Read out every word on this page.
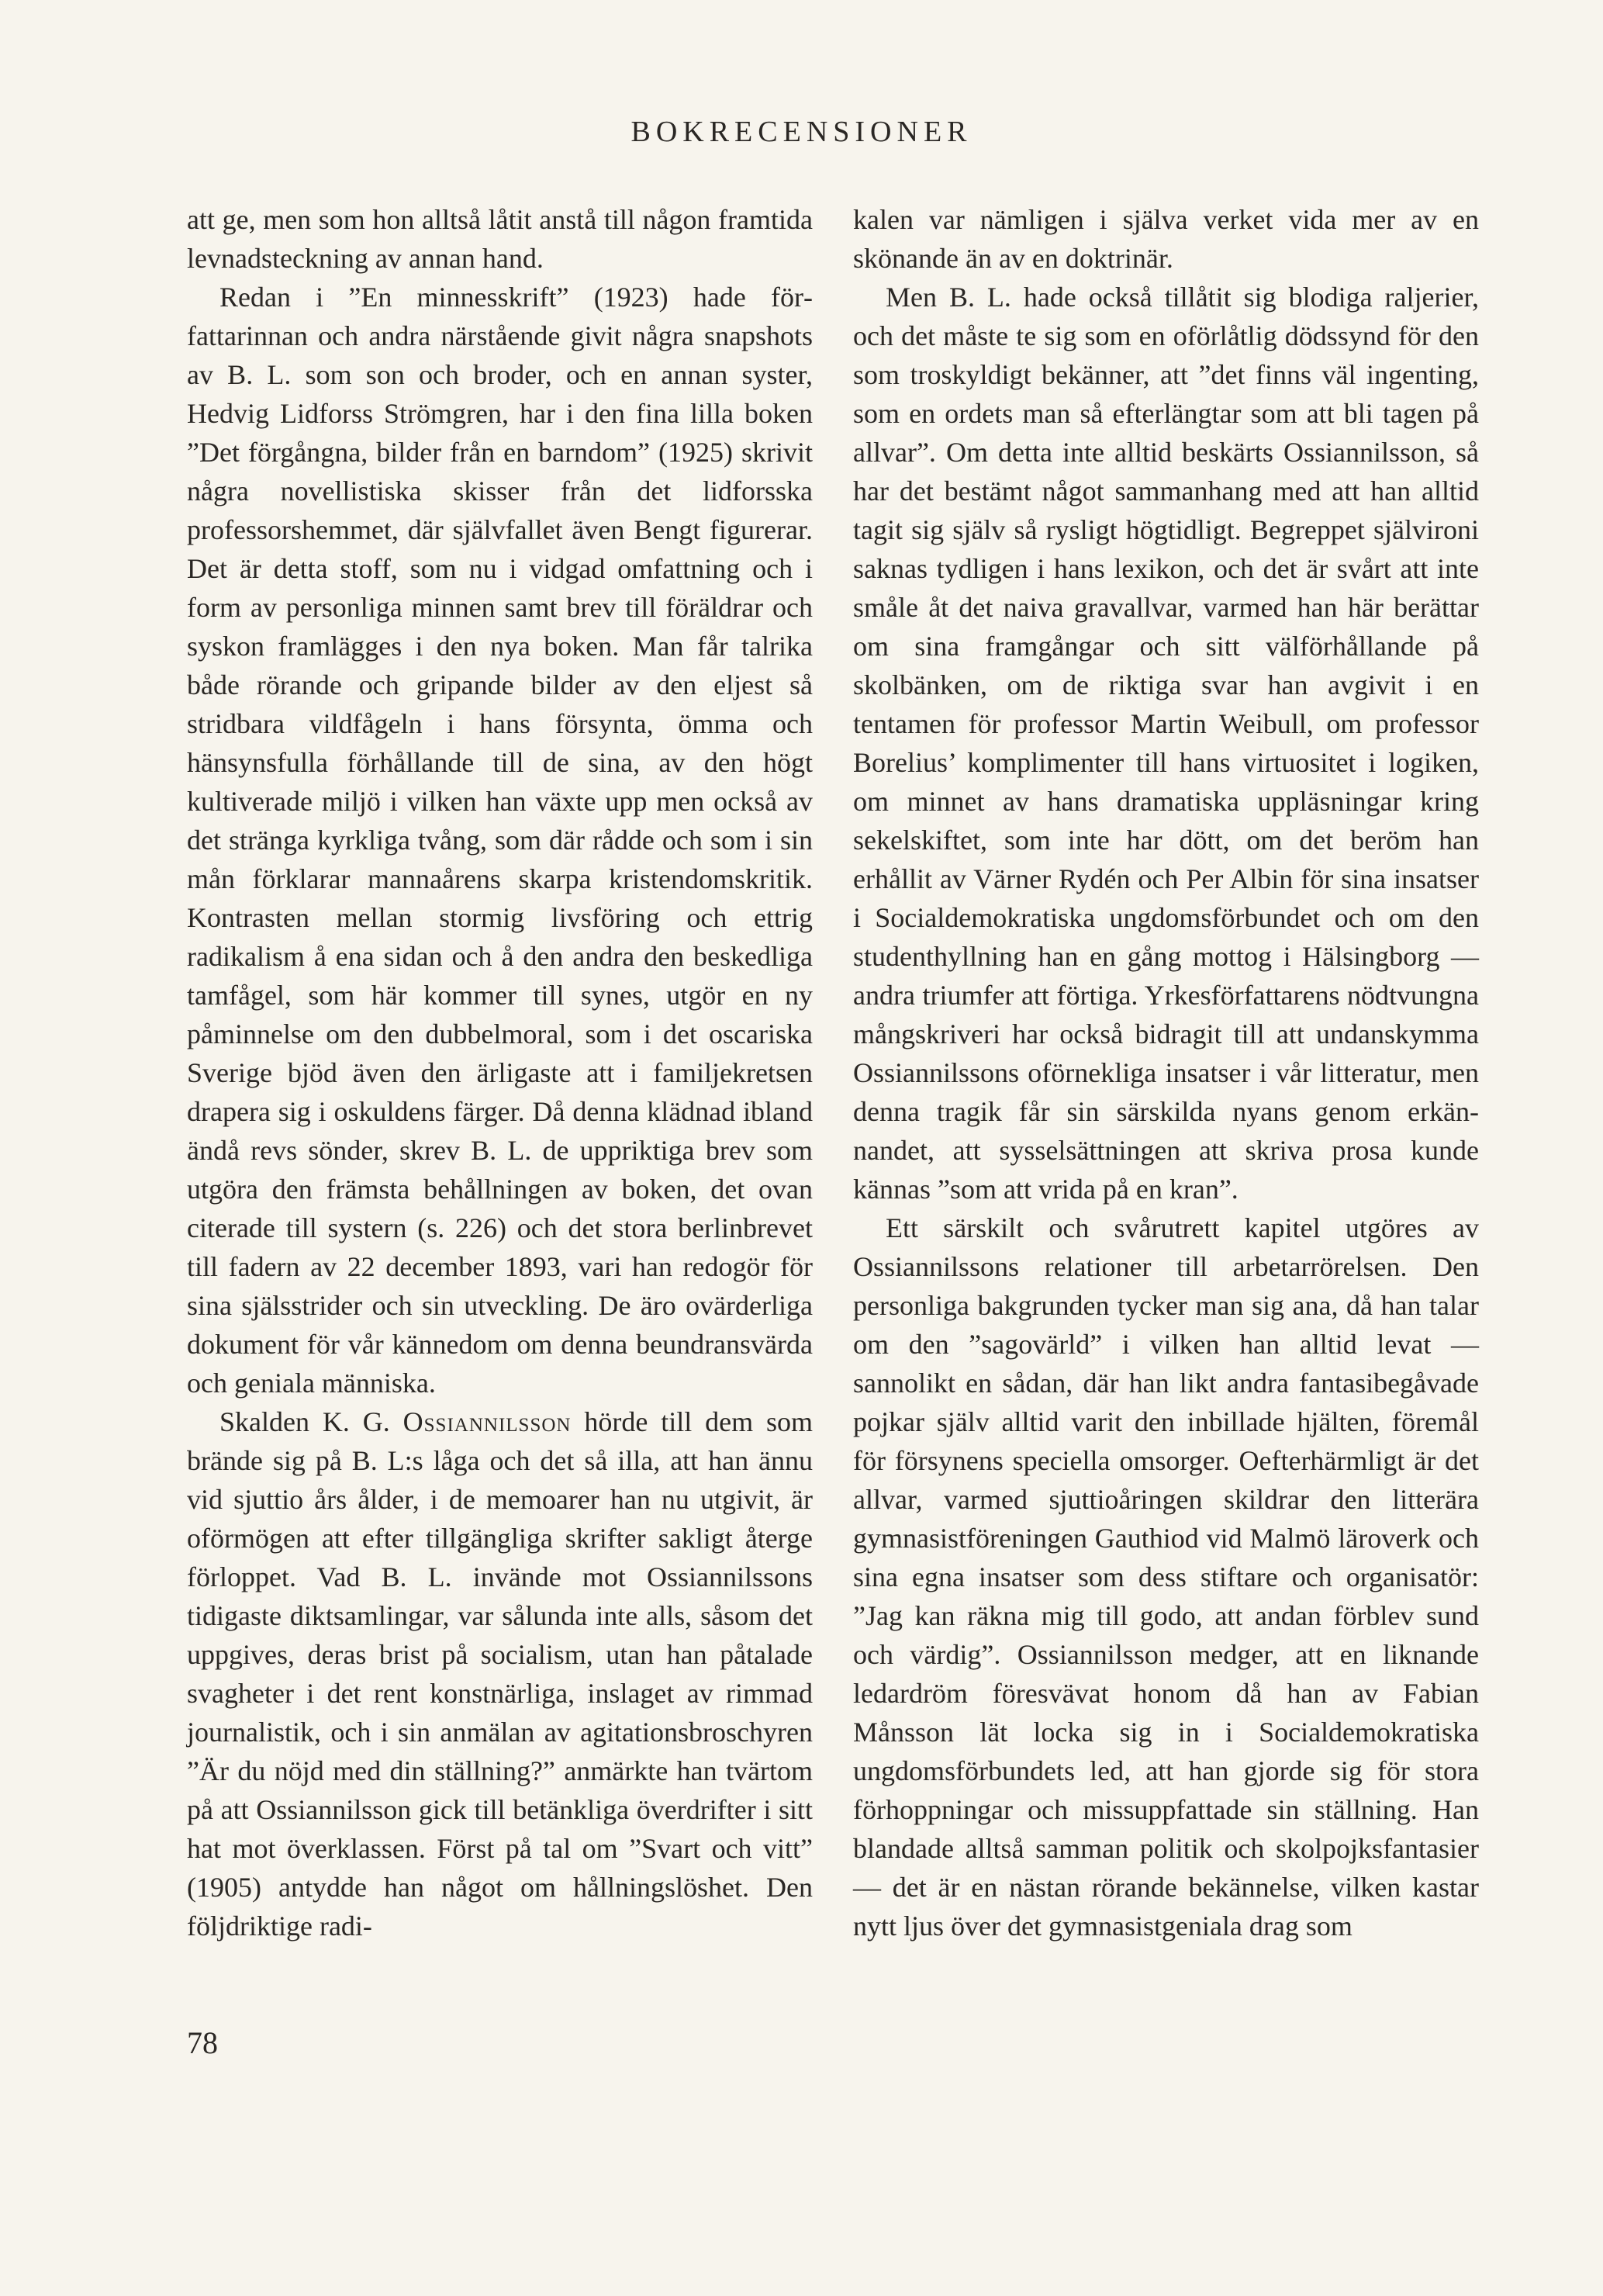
BOKRECENSIONER

att ge, men som hon alltså låtit anstå till någon framtida levnadsteckning av annan hand.

Redan i ”En minnesskrift” (1923) hade författarinnan och andra närstående givit några snapshots av B. L. som son och broder, och en annan syster, Hedvig Lidforss Strömgren, har i den fina lilla boken ”Det förgångna, bilder från en barndom” (1925) skrivit några novellistiska skisser från det lidforsska professorshemmet, där självfallet även Bengt figurerar. Det är detta stoff, som nu i vidgad omfattning och i form av personliga minnen samt brev till föräldrar och syskon framlägges i den nya boken. Man får talrika både rörande och gripande bilder av den eljest så stridbara vildfågeln i hans försynta, ömma och hänsynsfulla förhållande till de sina, av den högt kultiverade miljö i vilken han växte upp men också av det stränga kyrkliga tvång, som där rådde och som i sin mån förklarar mannaårens skarpa kristendomskritik. Kontrasten mellan stormig livsföring och ettrig radikalism å ena sidan och å den andra den beskedliga tamfågel, som här kommer till synes, utgör en ny påminnelse om den dubbelmoral, som i det oscariska Sverige bjöd även den ärligaste att i familjekretsen drapera sig i oskuldens färger. Då denna klädnad ibland ändå revs sönder, skrev B. L. de uppriktiga brev som utgöra den främsta behållningen av boken, det ovan citerade till systern (s. 226) och det stora berlinbrevet till fadern av 22 december 1893, vari han redogör för sina själsstrider och sin utveckling. De äro ovärderliga dokument för vår kännedom om denna beundransvärda och geniala människa.

Skalden K. G. Ossiannilsson hörde till dem som brände sig på B. L:s låga och det så illa, att han ännu vid sjuttio års ålder, i de memoarer han nu utgivit, är oförmögen att efter tillgängliga skrifter sakligt återge förloppet. Vad B. L. invände mot Ossiannilssons tidigaste diktsamlingar, var sålunda inte alls, såsom det uppgives, deras brist på socialism, utan han påtalade svagheter i det rent konstnärliga, inslaget av rimmad journalistik, och i sin anmälan av agitationsbroschyren ”Är du nöjd med din ställning?” anmärkte han tvärtom på att Ossiannilsson gick till betänkliga överdrifter i sitt hat mot överklassen. Först på tal om ”Svart och vitt” (1905) antydde han något om hållningslöshet. Den följdriktige radi-

kalen var nämligen i själva verket vida mer av en skönande än av en doktrinär.

Men B. L. hade också tillåtit sig blodiga raljerier, och det måste te sig som en oförlåtlig dödssynd för den som troskyldigt bekänner, att ”det finns väl ingenting, som en ordets man så efterlängtar som att bli tagen på allvar”. Om detta inte alltid beskärts Ossiannilsson, så har det bestämt något sammanhang med att han alltid tagit sig själv så rysligt högtidligt. Begreppet självironi saknas tydligen i hans lexikon, och det är svårt att inte småle åt det naiva gravallvar, varmed han här berättar om sina framgångar och sitt välförhållande på skolbänken, om de riktiga svar han avgivit i en tentamen för professor Martin Weibull, om professor Borelius’ komplimenter till hans virtuositet i logiken, om minnet av hans dramatiska uppläsningar kring sekelskiftet, som inte har dött, om det beröm han erhållit av Värner Rydén och Per Albin för sina insatser i Socialdemokratiska ungdomsförbundet och om den studenthyllning han en gång mottog i Hälsingborg — andra triumfer att förtiga. Yrkesförfattarens nödtvungna mångskriveri har också bidragit till att undanskymma Ossiannilssons oförnekliga insatser i vår litteratur, men denna tragik får sin särskilda nyans genom erkännandet, att sysselsättningen att skriva prosa kunde kännas ”som att vrida på en kran”.

Ett särskilt och svårutrett kapitel utgöres av Ossiannilssons relationer till arbetarrörelsen. Den personliga bakgrunden tycker man sig ana, då han talar om den ”sagovärld” i vilken han alltid levat — sannolikt en sådan, där han likt andra fantasibegåvade pojkar själv alltid varit den inbillade hjälten, föremål för försynens speciella omsorger. Oefterhärmligt är det allvar, varmed sjuttioåringen skildrar den litterära gymnasistföreningen Gauthiod vid Malmö läroverk och sina egna insatser som dess stiftare och organisatör: ”Jag kan räkna mig till godo, att andan förblev sund och värdig”. Ossiannilsson medger, att en liknande ledardröm föresvävat honom då han av Fabian Månsson lät locka sig in i Socialdemokratiska ungdomsförbundets led, att han gjorde sig för stora förhoppningar och missuppfattade sin ställning. Han blandade alltså samman politik och skolpojksfantasier — det är en nästan rörande bekännelse, vilken kastar nytt ljus över det gymnasistgeniala drag som

78
